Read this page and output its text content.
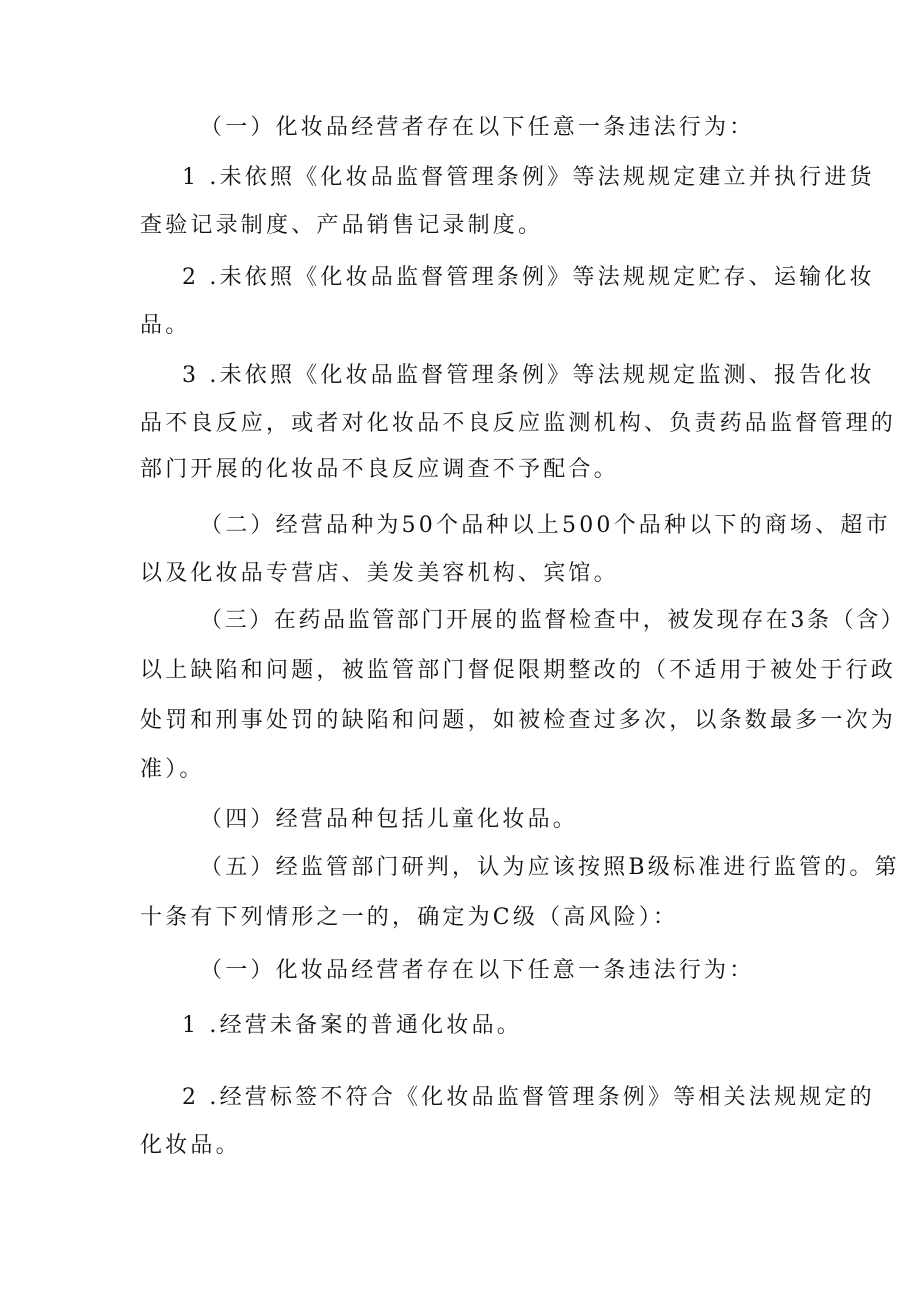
（一）化妆品经营者存在以下任意一条违法行为：
1 .未依照《化妆品监督管理条例》等法规规定建立并执行进货
查验记录制度、产品销售记录制度。
2 .未依照《化妆品监督管理条例》等法规规定贮存、运输化妆
品。
3 .未依照《化妆品监督管理条例》等法规规定监测、报告化妆
品不良反应，或者对化妆品不良反应监测机构、负责药品监督管理的
部门开展的化妆品不良反应调查不予配合。
（二）经营品种为50个品种以上500个品种以下的商场、超市
以及化妆品专营店、美发美容机构、宾馆。
（三）在药品监管部门开展的监督检查中，被发现存在3条（含）
以上缺陷和问题，被监管部门督促限期整改的（不适用于被处于行政
处罚和刑事处罚的缺陷和问题，如被检查过多次，以条数最多一次为
准）。
（四）经营品种包括儿童化妆品。
（五）经监管部门研判，认为应该按照B级标准进行监管的。第
十条有下列情形之一的，确定为C级（高风险）：
（一）化妆品经营者存在以下任意一条违法行为：
1 .经营未备案的普通化妆品。
2 .经营标签不符合《化妆品监督管理条例》等相关法规规定的
化妆品。
